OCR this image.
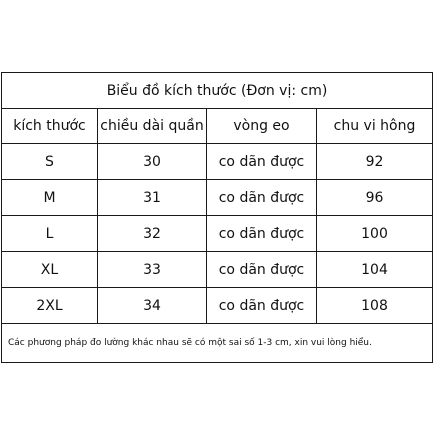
Biểu đồ kích thước (Đơn vị: cm)			
kích thước	chiều dài quần	vòng eo	chu vi hông
S	30	co dãn được	92
M	31	co dãn được	96
L	32	co dãn được	100
XL	33	co dãn được	104
2XL	34	co dãn được	108
Các phương pháp đo lường khác nhau sẽ có một sai số 1-3 cm, xin vui lòng hiểu.			
